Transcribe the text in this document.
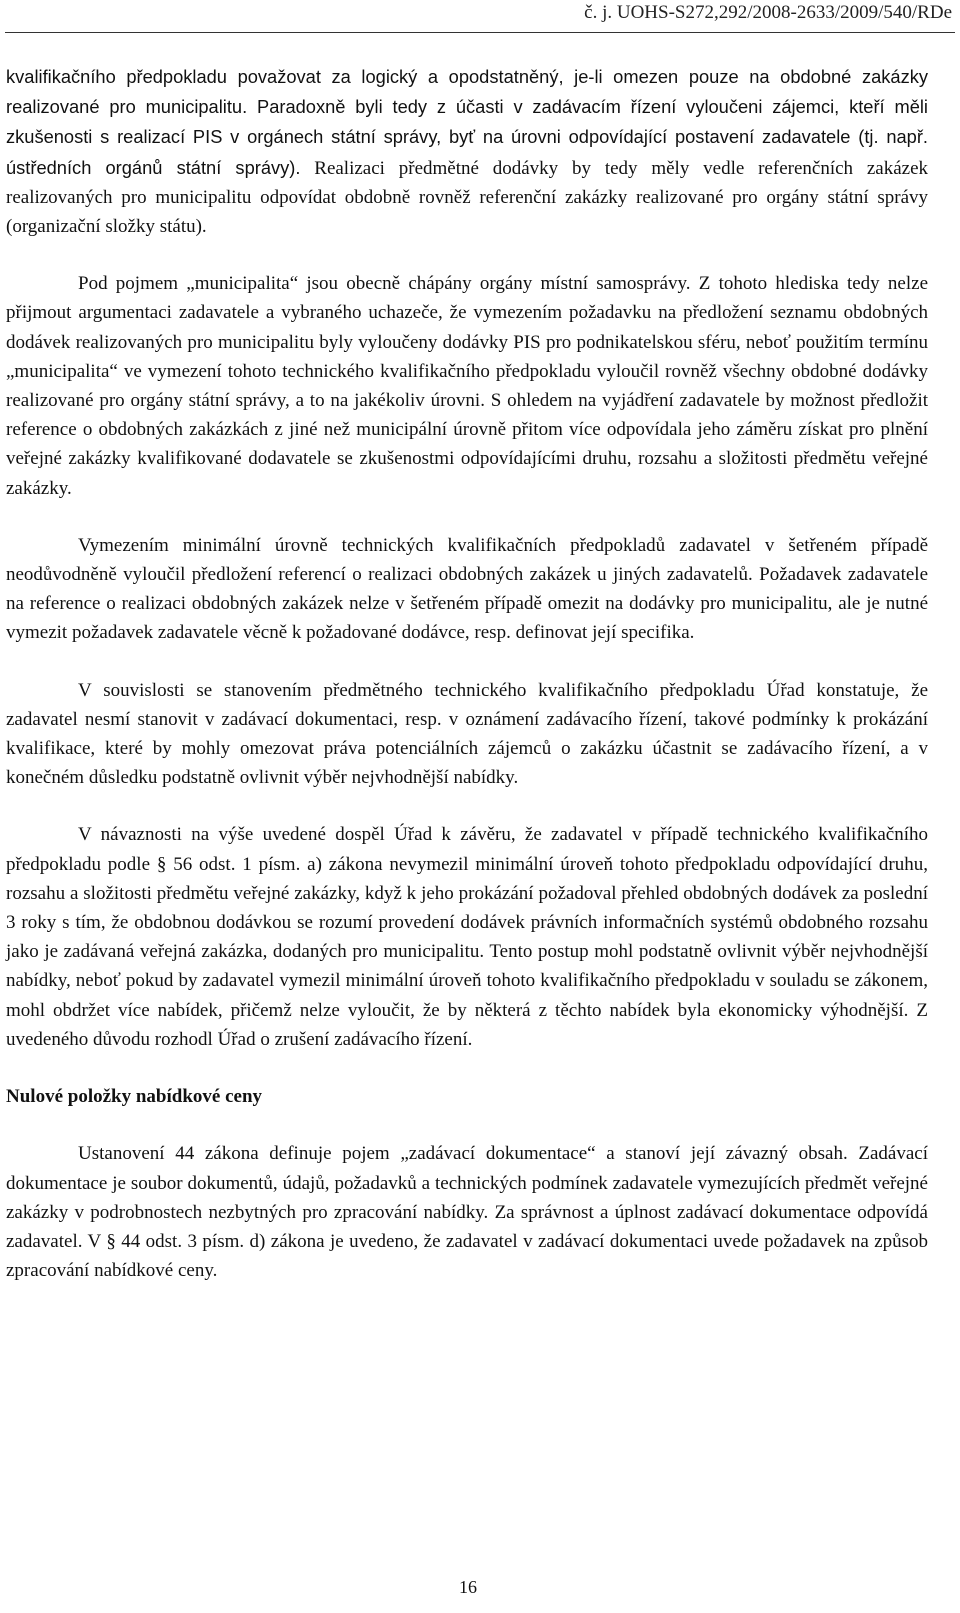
č. j. UOHS-S272,292/2008-2633/2009/540/RDe

kvalifikačního předpokladu považovat za logický a opodstatněný, je-li omezen pouze na obdobné zakázky realizované pro municipalitu. Paradoxně byli tedy z účasti v zadávacím řízení vyloučeni zájemci, kteří měli zkušenosti s realizací PIS v orgánech státní správy, byť na úrovni odpovídající postavení zadavatele (tj. např. ústředních orgánů státní správy). Realizaci předmětné dodávky by tedy měly vedle referenčních zakázek realizovaných pro municipalitu odpovídat obdobně rovněž referenční zakázky realizované pro orgány státní správy (organizační složky státu).

Pod pojmem „municipalita“ jsou obecně chápány orgány místní samosprávy. Z tohoto hlediska tedy nelze přijmout argumentaci zadavatele a vybraného uchazeče, že vymezením požadavku na předložení seznamu obdobných dodávek realizovaných pro municipalitu byly vyloučeny dodávky PIS pro podnikatelskou sféru, neboť použitím termínu „municipalita“ ve vymezení tohoto technického kvalifikačního předpokladu vyloučil rovněž všechny obdobné dodávky realizované pro orgány státní správy, a to na jakékoliv úrovni. S ohledem na vyjádření zadavatele by možnost předložit reference o obdobných zakázkách z jiné než municipální úrovně přitom více odpovídala jeho záměru získat pro plnění veřejné zakázky kvalifikované dodavatele se zkušenostmi odpovídajícími druhu, rozsahu a složitosti předmětu veřejné zakázky.

Vymezením minimální úrovně technických kvalifikačních předpokladů zadavatel v šetřeném případě neodůvodněně vyloučil předložení referencí o realizaci obdobných zakázek u jiných zadavatelů. Požadavek zadavatele na reference o realizaci obdobných zakázek nelze v šetřeném případě omezit na dodávky pro municipalitu, ale je nutné vymezit požadavek zadavatele věcně k požadované dodávce, resp. definovat její specifika.

V souvislosti se stanovením předmětného technického kvalifikačního předpokladu Úřad konstatuje, že zadavatel nesmí stanovit v zadávací dokumentaci, resp. v oznámení zadávacího řízení, takové podmínky k prokázání kvalifikace, které by mohly omezovat práva potenciálních zájemců o zakázku účastnit se zadávacího řízení, a v konečném důsledku podstatně ovlivnit výběr nejvhodnější nabídky.

V návaznosti na výše uvedené dospěl Úřad k závěru, že zadavatel v případě technického kvalifikačního předpokladu podle § 56 odst. 1 písm. a) zákona nevymezil minimální úroveň tohoto předpokladu odpovídající druhu, rozsahu a složitosti předmětu veřejné zakázky, když k jeho prokázání požadoval přehled obdobných dodávek za poslední 3 roky s tím, že obdobnou dodávkou se rozumí provedení dodávek právních informačních systémů obdobného rozsahu jako je zadávaná veřejná zakázka, dodaných pro municipalitu. Tento postup mohl podstatně ovlivnit výběr nejvhodnější nabídky, neboť pokud by zadavatel vymezil minimální úroveň tohoto kvalifikačního předpokladu v souladu se zákonem, mohl obdržet více nabídek, přičemž nelze vyloučit, že by některá z těchto nabídek byla ekonomicky výhodnější. Z uvedeného důvodu rozhodl Úřad o zrušení zadávacího řízení.

Nulové položky nabídkové ceny

Ustanovení 44 zákona definuje pojem „zadávací dokumentace“ a stanoví její závazný obsah. Zadávací dokumentace je soubor dokumentů, údajů, požadavků a technických podmínek zadavatele vymezujících předmět veřejné zakázky v podrobnostech nezbytných pro zpracování nabídky. Za správnost a úplnost zadávací dokumentace odpovídá zadavatel. V § 44 odst. 3 písm. d) zákona je uvedeno, že zadavatel v zadávací dokumentaci uvede požadavek na způsob zpracování nabídkové ceny.

16
